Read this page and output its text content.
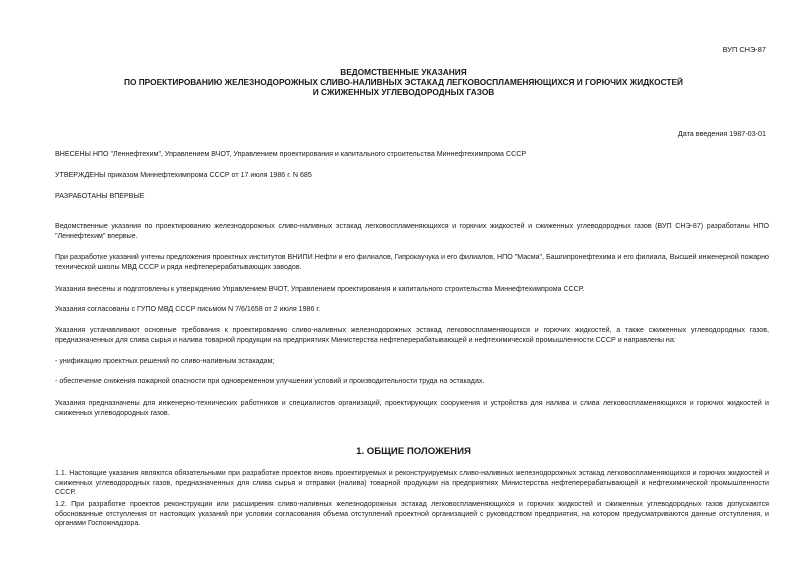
ВУП СНЭ-87
ВЕДОМСТВЕННЫЕ УКАЗАНИЯ
ПО ПРОЕКТИРОВАНИЮ ЖЕЛЕЗНОДОРОЖНЫХ СЛИВО-НАЛИВНЫХ ЭСТАКАД ЛЕГКОВОСПЛАМЕНЯЮЩИХСЯ И ГОРЮЧИХ ЖИДКОСТЕЙ
И СЖИЖЕННЫХ УГЛЕВОДОРОДНЫХ ГАЗОВ
Дата введения 1987-03-01
ВНЕСЕНЫ НПО "Леннефтехим", Управлением ВЧОТ, Управлением проектирования и капитального строительства Миннефтехимпрома СССР
УТВЕРЖДЕНЫ приказом Миннефтехимпрома СССР от 17 июля 1986 г. N 685
РАЗРАБОТАНЫ ВПЕРВЫЕ
Ведомственные указания по проектированию железнодорожных сливо-наливных эстакад легковоспламеняющихся и горючих жидкостей и сжиженных углеводородных газов (ВУП СНЭ-87) разработаны НПО "Леннефтехим" впервые.
При разработке указаний учтены предложения проектных институтов ВНИПИ Нефти и его филиалов, Гипрокаучука и его филиалов, НПО "Масма", Башгипронефтехима и его филиала, Высшей инженерной пожарно технической школы МВД СССР и ряда нефтеперерабатывающих заводов.
Указания внесены и подготовлены к утверждению Управлением ВЧОТ, Управлением проектирования и капитального строительства Миннефтехимпрома СССР.
Указания согласованы с ГУПО МВД СССР письмом N 7/6/1658 от 2 июля 1986 г.
Указания устанавливают основные требования к проектированию сливо-наливных железнодорожных эстакад легковоспламеняющихся и горючих жидкостей, а также сжиженных углеводородных газов, предназначенных для слива сырья и налива товарной продукции на предприятиях Министерства нефтеперерабатывающей и нефтехимической промышленности СССР и направлены на:
- унификацию проектных решений по сливо-наливным эстакадам;
- обеспечение снижения пожарной опасности при одновременном улучшении условий и производительности труда на эстакадах.
Указания предназначены для инженерно-технических работников и специалистов организаций, проектирующих сооружения и устройства для налива и слива легковоспламеняющихся и горючих жидкостей и сжиженных углеводородных газов.
1. ОБЩИЕ ПОЛОЖЕНИЯ
1.1. Настоящие указания являются обязательными при разработке проектов вновь проектируемых и реконструируемых сливо-наливных железнодорожных эстакад легковоспламеняющихся и горючих жидкостей и сжиженных углеводородных газов, предназначенных для слива сырья и отправки (налива) товарной продукции на предприятиях Министерства нефтеперерабатывающей и нефтехимической промышленности СССР.
1.2. При разработке проектов реконструкции или расширения сливо-наливных железнодорожных эстакад легковоспламеняющихся и горючих жидкостей и сжиженных углеводородных газов допускаются обоснованные отступления от настоящих указаний при условии согласования объема отступлений проектной организацией с руководством предприятия, на котором предусматриваются данные отступления, и органами Госпожнадзора.
